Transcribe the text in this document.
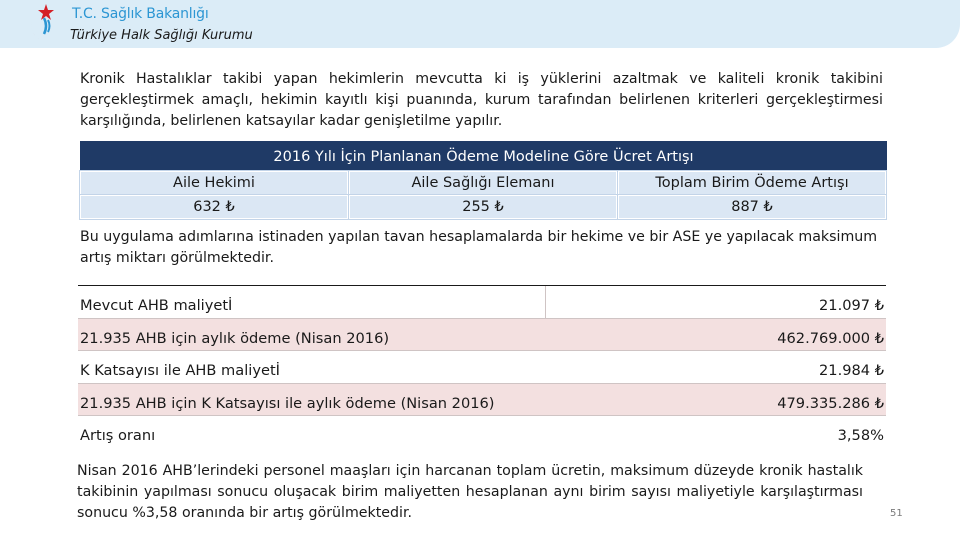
T.C. Sağlık Bakanlığı
Türkiye Halk Sağlığı Kurumu

Kronik Hastalıklar takibi yapan hekimlerin mevcutta ki iş yüklerini azaltmak ve kaliteli kronik takibini gerçekleştirmek amaçlı, hekimin kayıtlı kişi puanında, kurum tarafından belirlenen kriterleri gerçekleştirmesi karşılığında, belirlenen katsayılar kadar genişletilme yapılır.

2016 Yılı İçin Planlanan Ödeme Modeline Göre Ücret Artışı
Aile Hekimi	Aile Sağlığı Elemanı	Toplam Birim Ödeme Artışı
632 ₺	255 ₺	887 ₺

Bu uygulama adımlarına istinaden yapılan tavan hesaplamalarda bir hekime ve bir ASE ye yapılacak maksimum artış miktarı görülmektedir.

Mevcut AHB maliyetİ	21.097 ₺
21.935 AHB için aylık ödeme (Nisan 2016)	462.769.000 ₺
K Katsayısı ile AHB maliyetİ	21.984 ₺
21.935 AHB için K Katsayısı ile aylık ödeme (Nisan 2016)	479.335.286 ₺
Artış oranı	3,58%

Nisan 2016 AHB’lerindeki personel maaşları için harcanan toplam ücretin, maksimum düzeyde kronik hastalık takibinin yapılması sonucu oluşacak birim maliyetten hesaplanan aynı birim sayısı maliyetiyle karşılaştırması sonucu %3,58 oranında bir artış görülmektedir.	51
